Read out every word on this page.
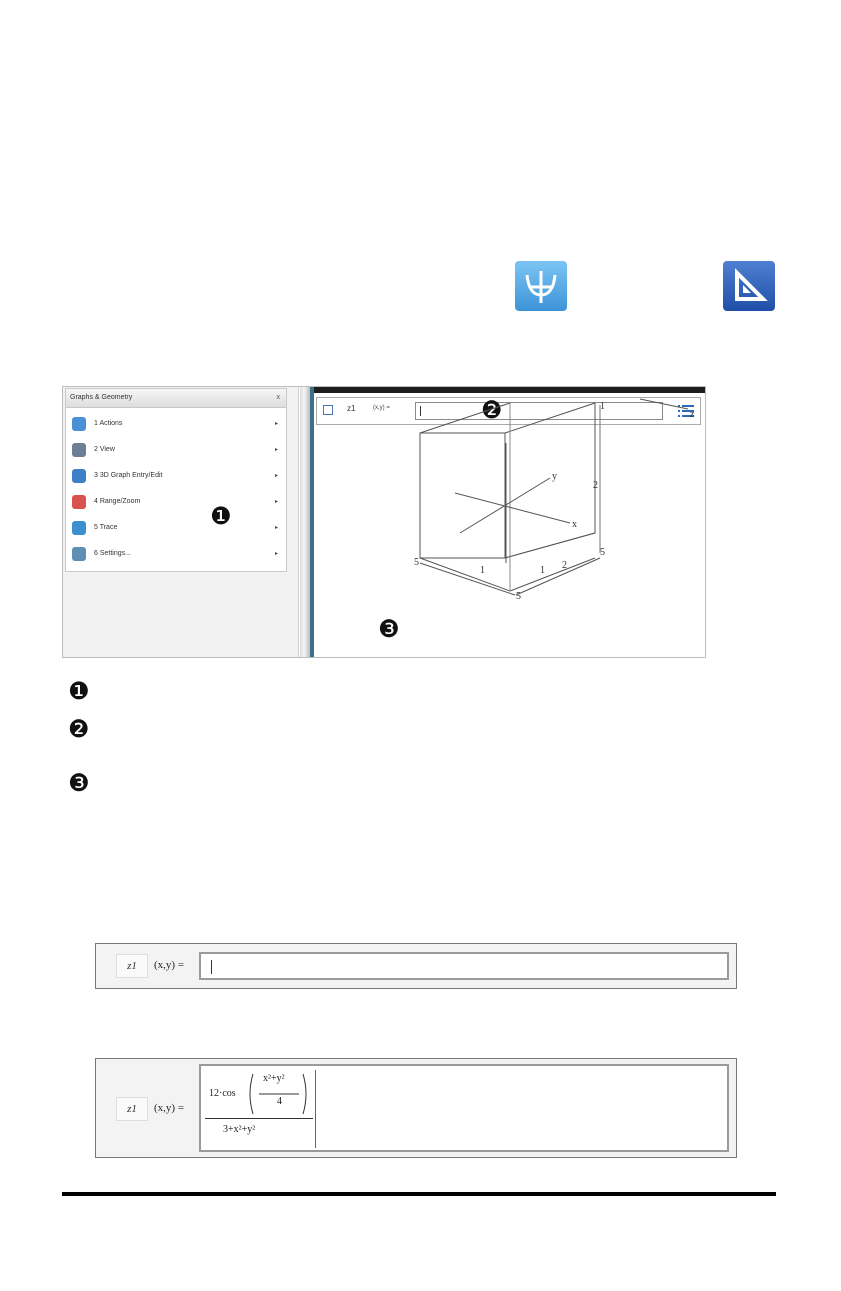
Graphs & Geometry	x
1 Actions	▸
2 View	▸
3 3D Graph Entry/Edit	▸
4 Range/Zoom	▸
5 Trace	▸
6 Settings...	▸
❶
z1	(x,y) =	❷
x
y
z
5
5
1
2
1 2
5
1
❸
❶
❷
❸
z1	(x,y) =
z1	(x,y) =
12·cos
x²+y²
4
3+x²+y²
